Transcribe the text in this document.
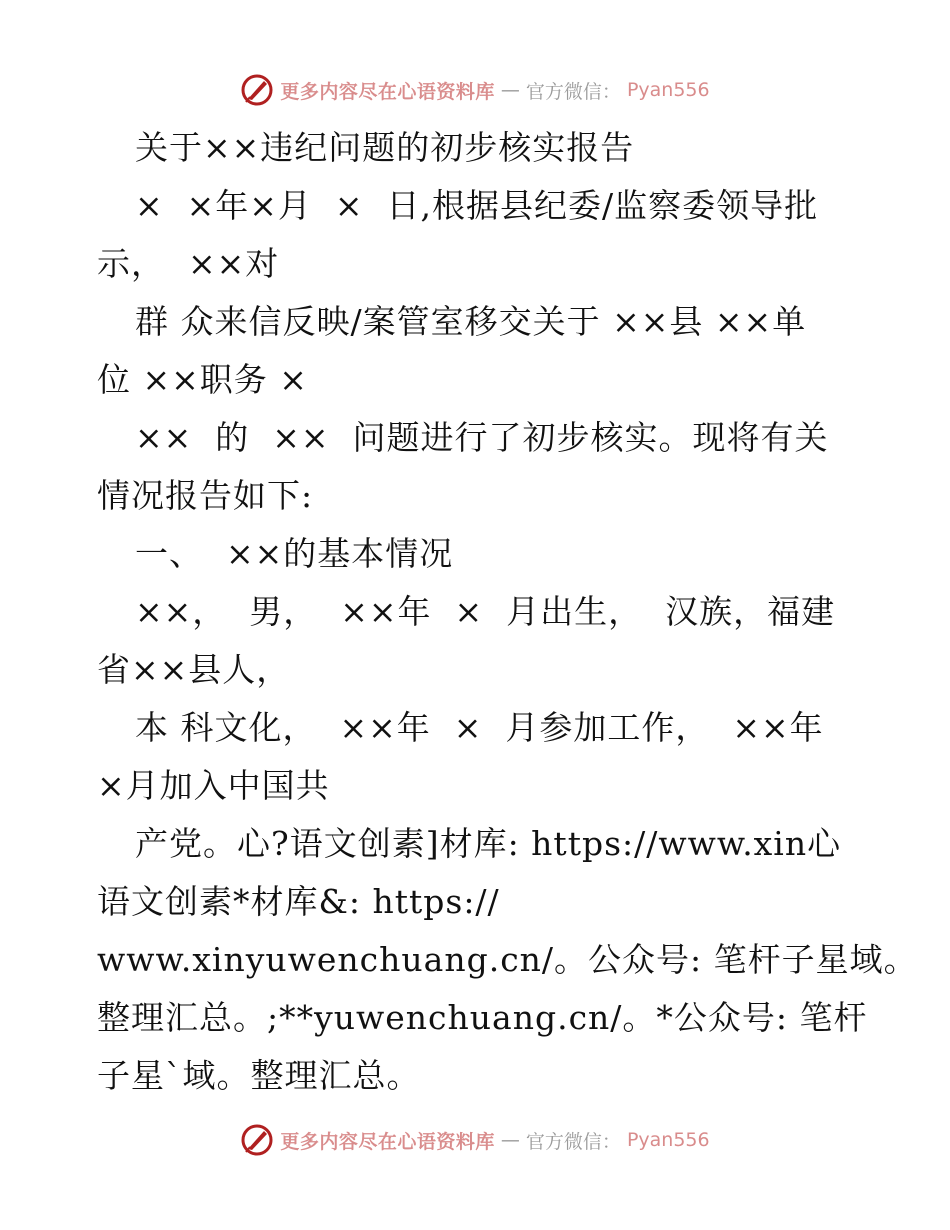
更多内容尽在心语资料库 — 官方微信： Pyan556
关于××违纪问题的初步核实报告
×  ×年×月  ×  日,根据县纪委/监察委领导批
示，  ××对
群 众来信反映/案管室移交关于 ××县 ××单
位 ××职务 ×
××  的  ××  问题进行了初步核实。现将有关
情况报告如下:
一、  ××的基本情况
××，  男，  ××年  ×  月出生，  汉族，福建
省××县人，
本 科文化，  ××年  ×  月参加工作，  ××年
×月加入中国共
产党。心?语文创素]材库: https://www.xin心
语文创素*材库&: https://
www.xinyuwenchuang.cn/。公众号: 笔杆子星域。
整理汇总。;**yuwenchuang.cn/。*公众号: 笔杆
子星`域。整理汇总。
更多内容尽在心语资料库 — 官方微信： Pyan556
